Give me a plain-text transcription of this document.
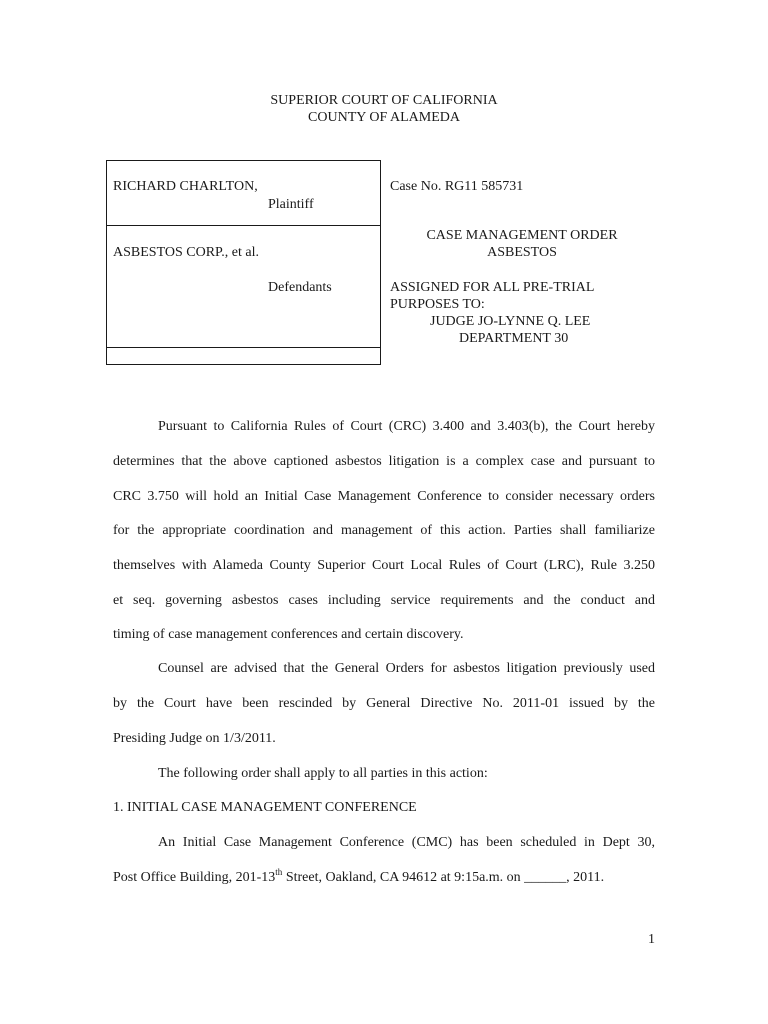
SUPERIOR COURT OF CALIFORNIA
COUNTY OF ALAMEDA
RICHARD CHARLTON,
Plaintiff
ASBESTOS CORP., et al.
Defendants
Case No. RG11 585731
CASE MANAGEMENT ORDER
ASBESTOS
ASSIGNED FOR ALL PRE-TRIAL
PURPOSES TO:
JUDGE JO-LYNNE Q. LEE
DEPARTMENT 30
Pursuant to California Rules of Court (CRC) 3.400 and 3.403(b), the Court hereby
determines that the above captioned asbestos litigation is a complex case and pursuant to
CRC 3.750 will hold an Initial Case Management Conference to consider necessary orders
for the appropriate coordination and management of this action. Parties shall familiarize
themselves with Alameda County Superior Court Local Rules of Court (LRC), Rule 3.250
et seq. governing asbestos cases including service requirements and the conduct and
timing of case management conferences and certain discovery.
Counsel are advised that the General Orders for asbestos litigation previously used
by the Court have been rescinded by General Directive No. 2011-01 issued by the
Presiding Judge on 1/3/2011.
The following order shall apply to all parties in this action:
1. INITIAL CASE MANAGEMENT CONFERENCE
An Initial Case Management Conference (CMC) has been scheduled in Dept 30,
Post Office Building, 201-13th Street, Oakland, CA 94612 at 9:15a.m. on ______, 2011.
1
